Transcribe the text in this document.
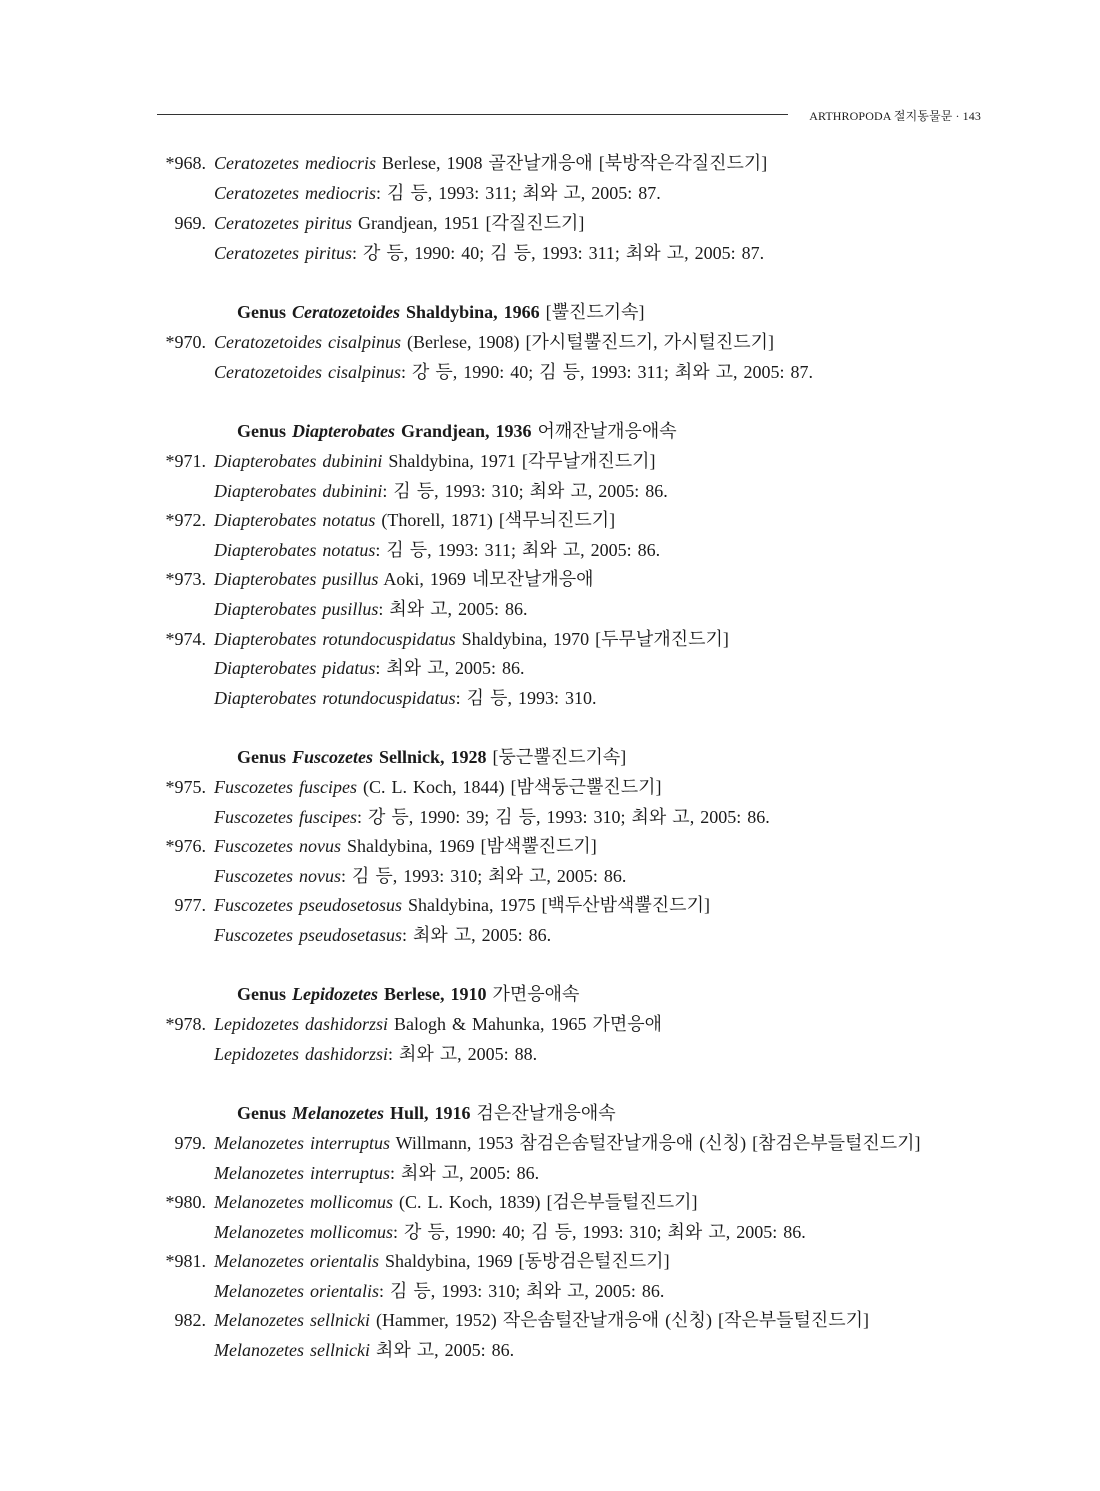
ARTHROPODA 절지동물문 · 143
*968. Ceratozetes mediocris Berlese, 1908 골잔날개응애 [북방작은각질진드기]
Ceratozetes mediocris: 김 등, 1993: 311; 최와 고, 2005: 87.
969. Ceratozetes piritus Grandjean, 1951 [각질진드기]
Ceratozetes piritus: 강 등, 1990: 40; 김 등, 1993: 311; 최와 고, 2005: 87.
Genus Ceratozetoides Shaldybina, 1966 [뿔진드기속]
*970. Ceratozetoides cisalpinus (Berlese, 1908) [가시털뿔진드기, 가시털진드기]
Ceratozetoides cisalpinus: 강 등, 1990: 40; 김 등, 1993: 311; 최와 고, 2005: 87.
Genus Diapterobates Grandjean, 1936 어깨잔날개응애속
*971. Diapterobates dubinini Shaldybina, 1971 [각무날개진드기]
Diapterobates dubinini: 김 등, 1993: 310; 최와 고, 2005: 86.
*972. Diapterobates notatus (Thorell, 1871) [색무늬진드기]
Diapterobates notatus: 김 등, 1993: 311; 최와 고, 2005: 86.
*973. Diapterobates pusillus Aoki, 1969 네모잔날개응애
Diapterobates pusillus: 최와 고, 2005: 86.
*974. Diapterobates rotundocuspidatus Shaldybina, 1970 [두무날개진드기]
Diapterobates pidatus: 최와 고, 2005: 86.
Diapterobates rotundocuspidatus: 김 등, 1993: 310.
Genus Fuscozetes Sellnick, 1928 [둥근뿔진드기속]
*975. Fuscozetes fuscipes (C. L. Koch, 1844) [밤색둥근뿔진드기]
Fuscozetes fuscipes: 강 등, 1990: 39; 김 등, 1993: 310; 최와 고, 2005: 86.
*976. Fuscozetes novus Shaldybina, 1969 [밤색뿔진드기]
Fuscozetes novus: 김 등, 1993: 310; 최와 고, 2005: 86.
977. Fuscozetes pseudosetosus Shaldybina, 1975 [백두산밤색뿔진드기]
Fuscozetes pseudosetasus: 최와 고, 2005: 86.
Genus Lepidozetes Berlese, 1910 가면응애속
*978. Lepidozetes dashidorzsi Balogh & Mahunka, 1965 가면응애
Lepidozetes dashidorzsi: 최와 고, 2005: 88.
Genus Melanozetes Hull, 1916 검은잔날개응애속
979. Melanozetes interruptus Willmann, 1953 참검은솜털잔날개응애 (신칭) [참검은부들털진드기]
Melanozetes interruptus: 최와 고, 2005: 86.
*980. Melanozetes mollicomus (C. L. Koch, 1839) [검은부들털진드기]
Melanozetes mollicomus: 강 등, 1990: 40; 김 등, 1993: 310; 최와 고, 2005: 86.
*981. Melanozetes orientalis Shaldybina, 1969 [동방검은털진드기]
Melanozetes orientalis: 김 등, 1993: 310; 최와 고, 2005: 86.
982. Melanozetes sellnicki (Hammer, 1952) 작은솜털잔날개응애 (신칭) [작은부들털진드기]
Melanozetes sellnicki 최와 고, 2005: 86.
